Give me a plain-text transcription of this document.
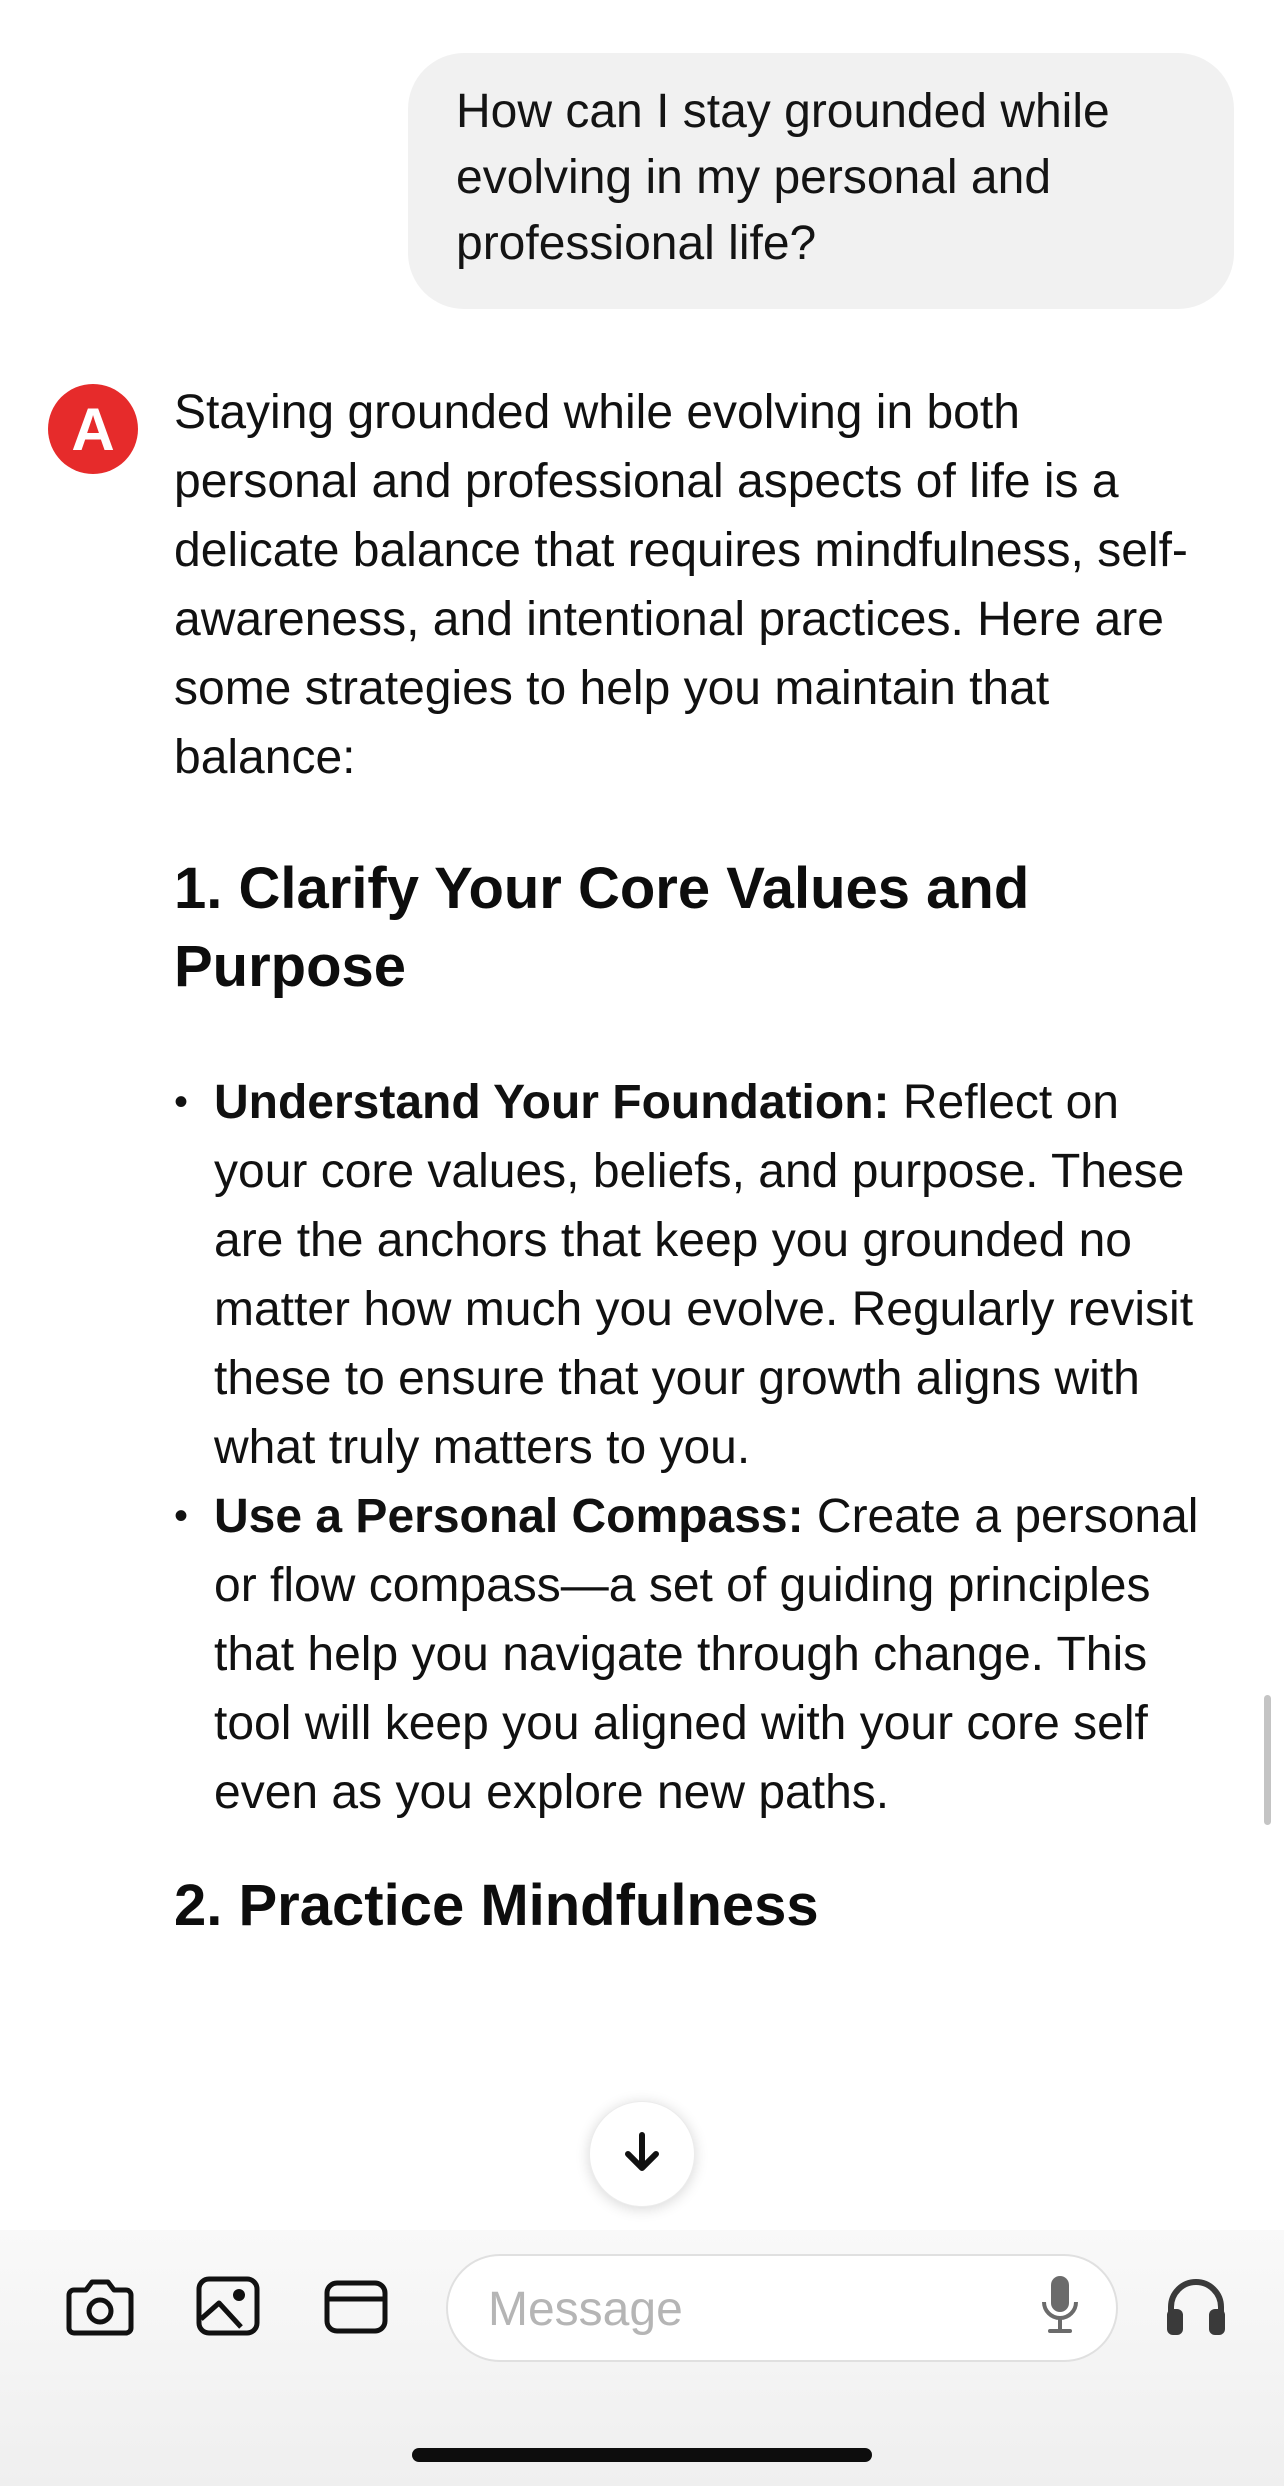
How can I stay grounded while evolving in my personal and professional life?
A Staying grounded while evolving in both personal and professional aspects of life is a delicate balance that requires mindfulness, self-awareness, and intentional practices. Here are some strategies to help you maintain that balance:

1. Clarify Your Core Values and Purpose
• Understand Your Foundation: Reflect on your core values, beliefs, and purpose. These are the anchors that keep you grounded no matter how much you evolve. Regularly revisit these to ensure that your growth aligns with what truly matters to you.
• Use a Personal Compass: Create a personal or flow compass—a set of guiding principles that help you navigate through change. This tool will keep you aligned with your core self even as you explore new paths.
2. Practice Mindfulness
Message
